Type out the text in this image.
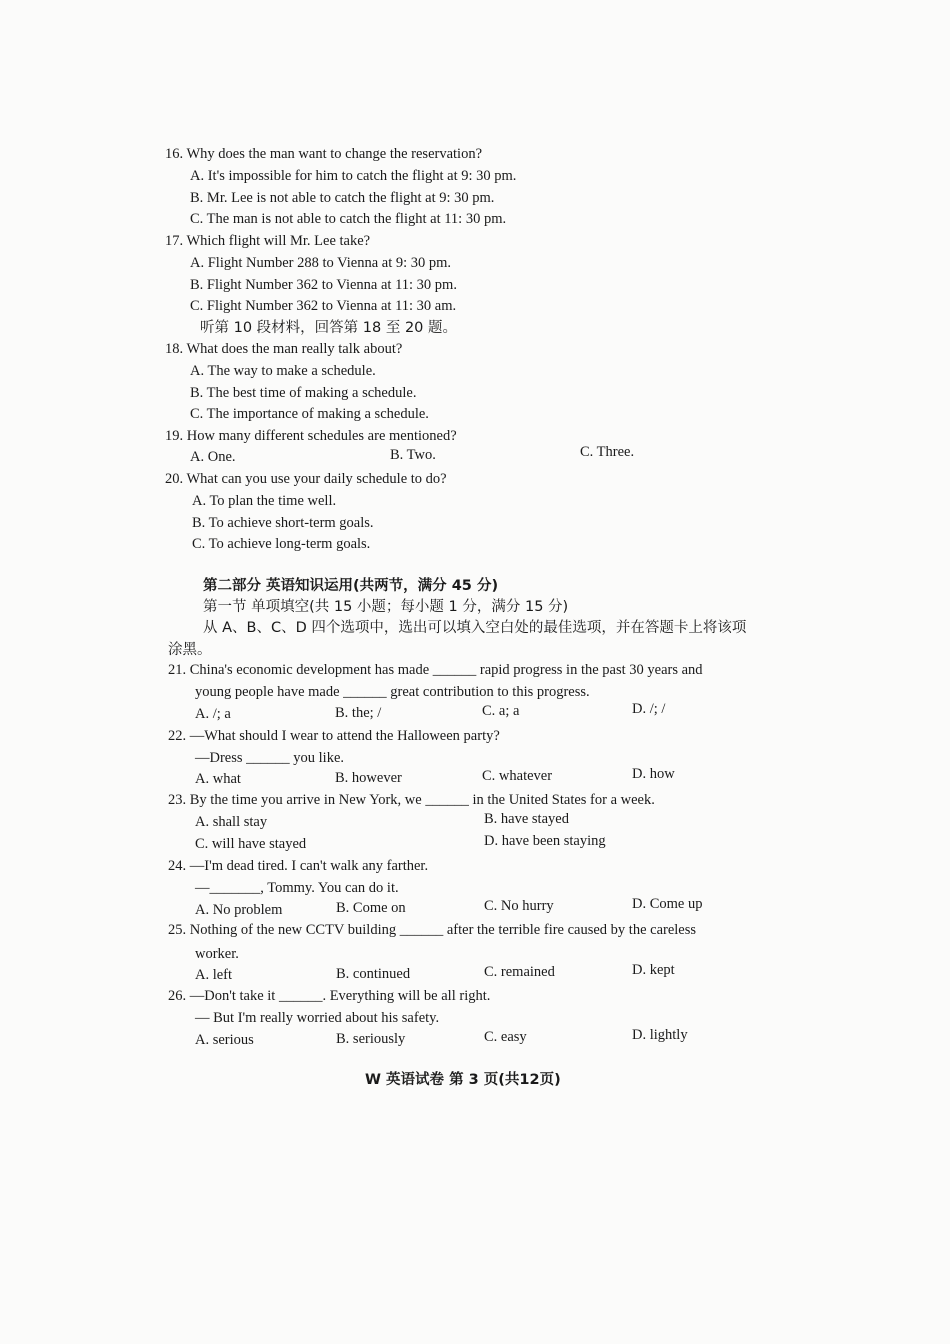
16. Why does the man want to change the reservation?
A. It's impossible for him to catch the flight at 9: 30 pm.
B. Mr. Lee is not able to catch the flight at 9: 30 pm.
C. The man is not able to catch the flight at 11: 30 pm.
17. Which flight will Mr. Lee take?
A. Flight Number 288 to Vienna at 9: 30 pm.
B. Flight Number 362 to Vienna at 11: 30 pm.
C. Flight Number 362 to Vienna at 11: 30 am.
听第 10 段材料，回答第 18 至 20 题。
18. What does the man really talk about?
A. The way to make a schedule.
B. The best time of making a schedule.
C. The importance of making a schedule.
19. How many different schedules are mentioned?
A. One.	B. Two.	C. Three.
20. What can you use your daily schedule to do?
A. To plan the time well.
B. To achieve short-term goals.
C. To achieve long-term goals.
第二部分 英语知识运用(共两节，满分 45 分)
第一节 单项填空(共 15 小题；每小题 1 分，满分 15 分)
从 A、B、C、D 四个选项中，选出可以填入空白处的最佳选项，并在答题卡上将该项
涂黑。
21. China's economic development has made ______ rapid progress in the past 30 years and
young people have made ______ great contribution to this progress.
A. /; a	B. the; /	C. a; a	D. /; /
22. —What should I wear to attend the Halloween party?
—Dress ______ you like.
A. what	B. however	C. whatever	D. how
23. By the time you arrive in New York, we ______ in the United States for a week.
A. shall stay	B. have stayed
C. will have stayed	D. have been staying
24. —I'm dead tired. I can't walk any farther.
—_______, Tommy. You can do it.
A. No problem	B. Come on	C. No hurry	D. Come up
25. Nothing of the new CCTV building ______ after the terrible fire caused by the careless
worker.
A. left	B. continued	C. remained	D. kept
26. —Don't take it ______. Everything will be all right.
— But I'm really worried about his safety.
A. serious	B. seriously	C. easy	D. lightly
W 英语试卷 第 3 页(共12页)
